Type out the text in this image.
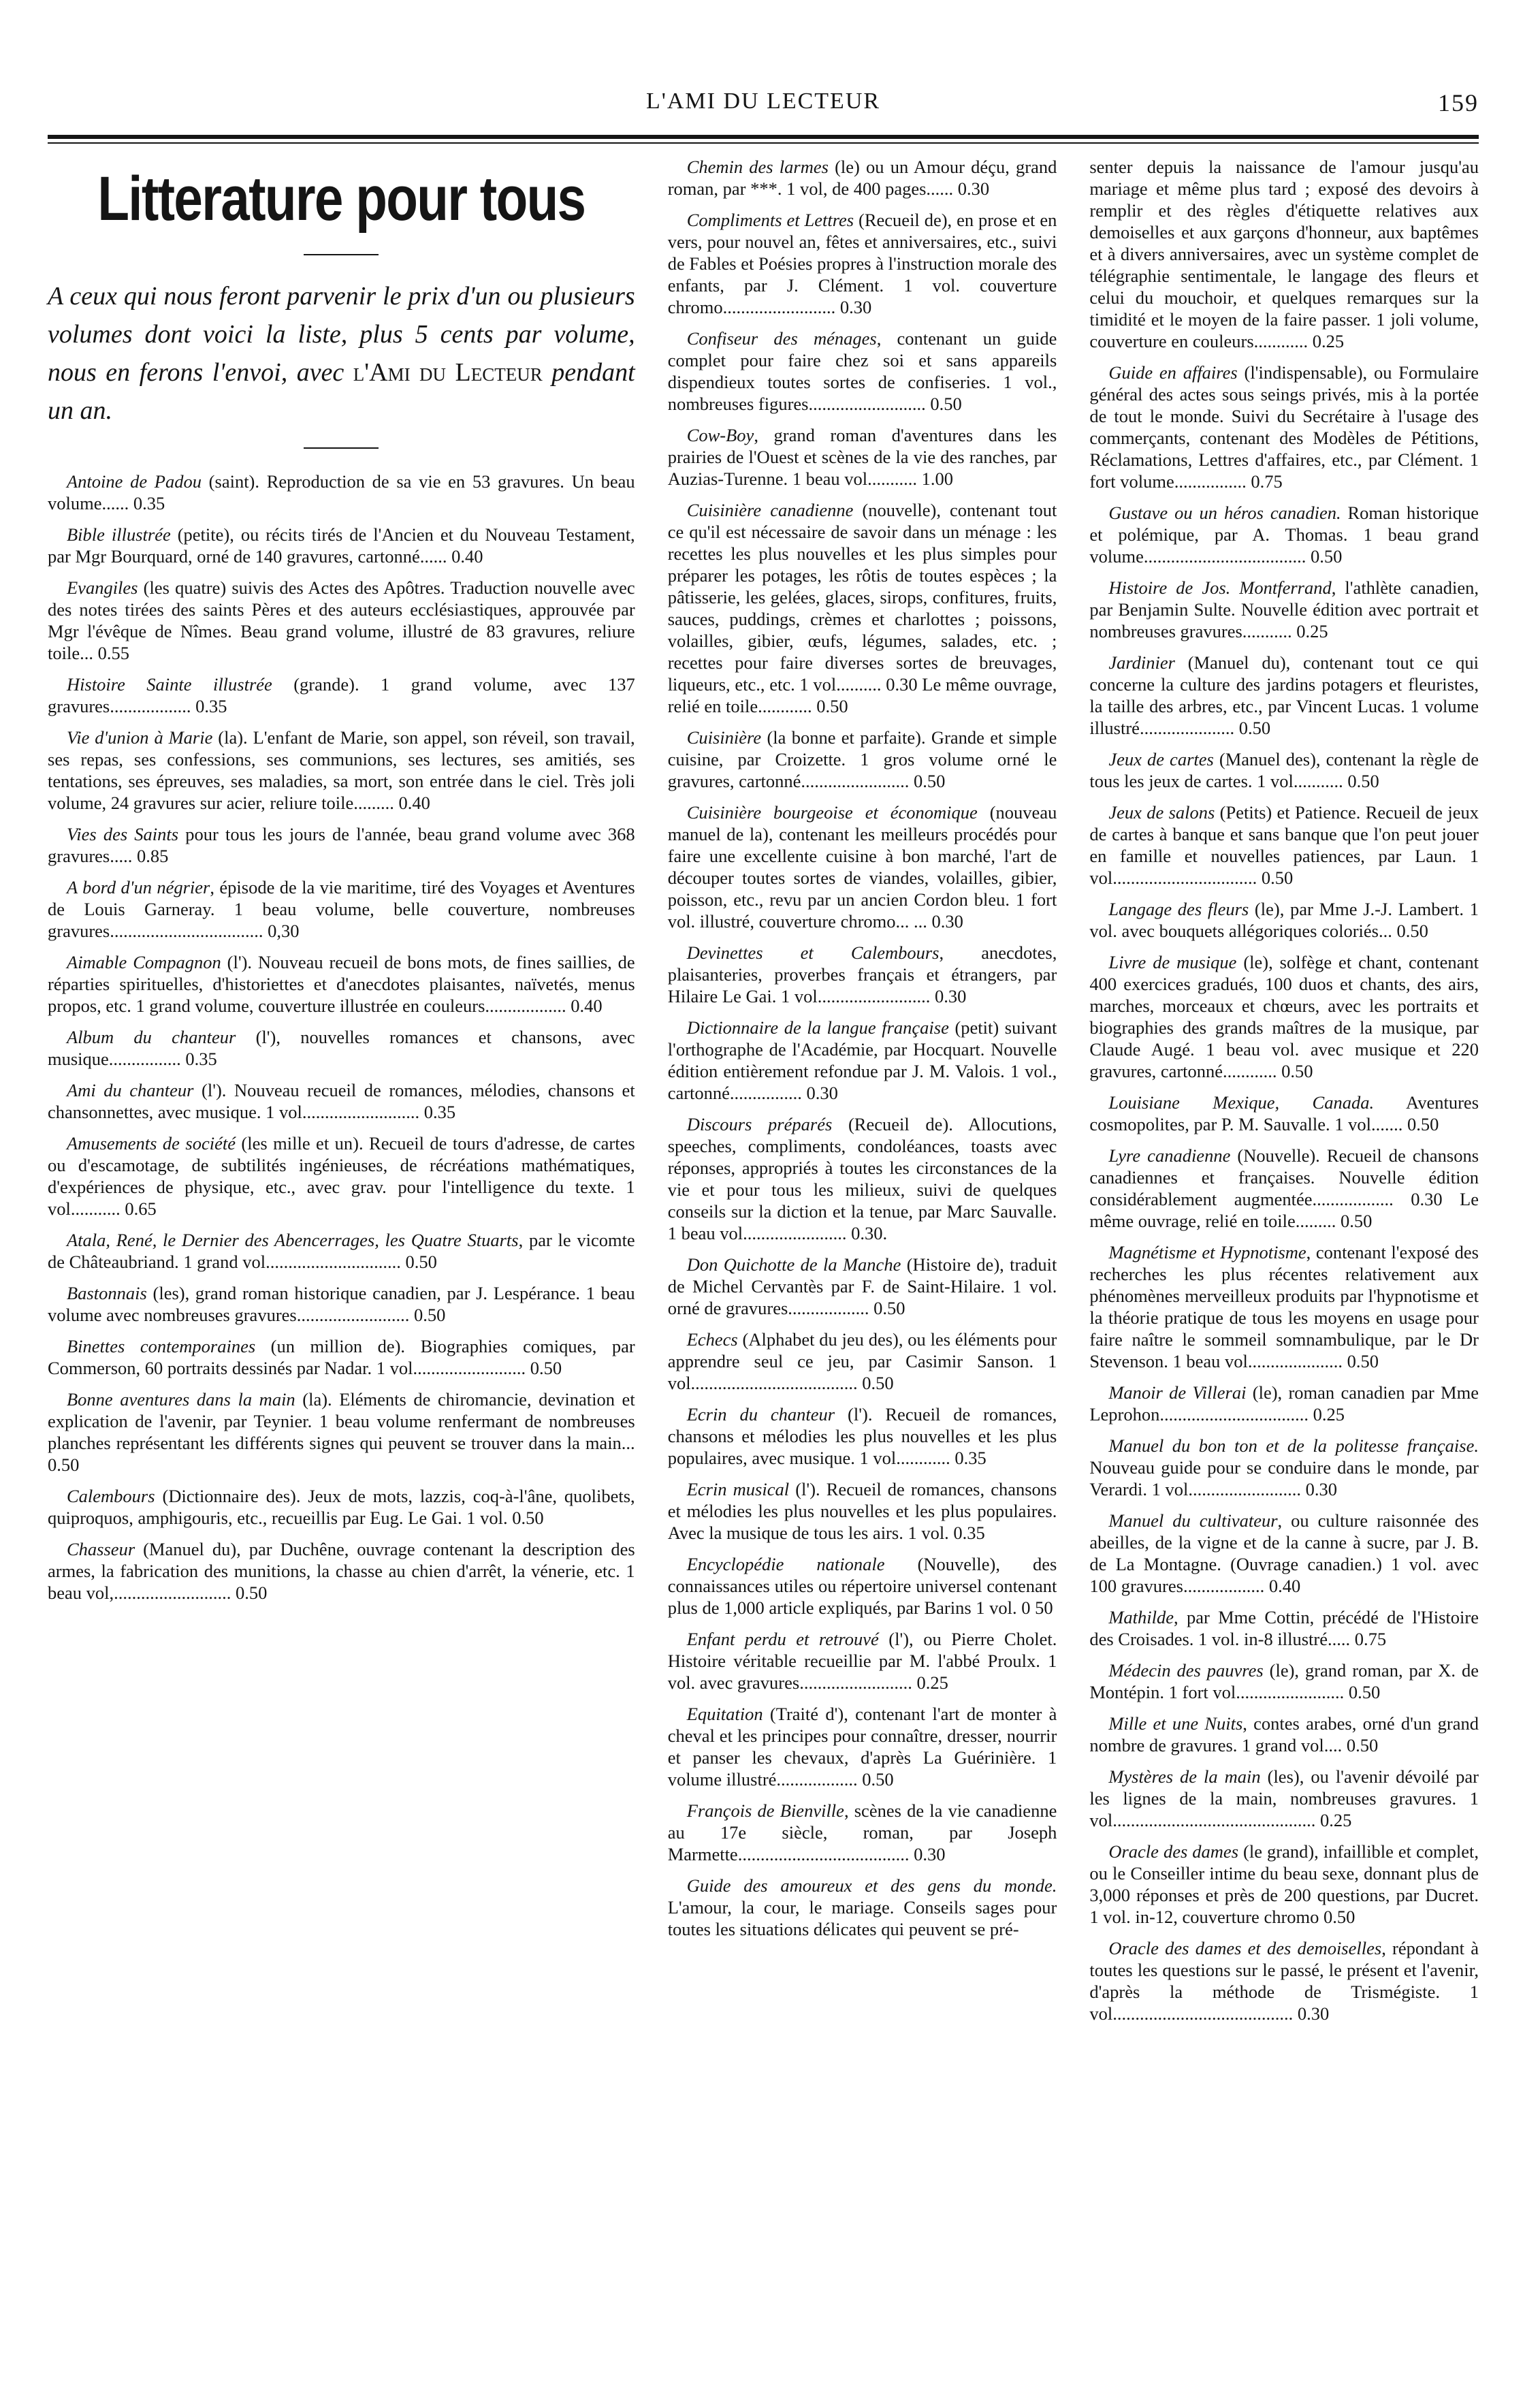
L'AMI DU LECTEUR	159
Litterature pour tous

A ceux qui nous feront parvenir le prix d'un ou plusieurs volumes dont voici la liste, plus 5 cents par volume, nous en ferons l'envoi, avec l'Ami du Lecteur pendant un an.

Antoine de Padou (saint). Reproduction de sa vie en 53 gravures. Un beau volume...... 0.35

Bible illustrée (petite), ou récits tirés de l'Ancien et du Nouveau Testament, par Mgr Bourquard, orné de 140 gravures, cartonné...... 0.40

Evangiles (les quatre) suivis des Actes des Apôtres. Traduction nouvelle avec des notes tirées des saints Pères et des auteurs ecclésiastiques, approuvée par Mgr l'évêque de Nîmes. Beau grand volume, illustré de 83 gravures, reliure toile... 0.55

Histoire Sainte illustrée (grande). 1 grand volume, avec 137 gravures.................. 0.35

Vie d'union à Marie (la). L'enfant de Marie, son appel, son réveil, son travail, ses repas, ses confessions, ses communions, ses lectures, ses amitiés, ses tentations, ses épreuves, ses maladies, sa mort, son entrée dans le ciel. Très joli volume, 24 gravures sur acier, reliure toile......... 0.40

Vies des Saints pour tous les jours de l'année, beau grand volume avec 368 gravures..... 0.85

A bord d'un négrier, épisode de la vie maritime, tiré des Voyages et Aventures de Louis Garneray. 1 beau volume, belle couverture, nombreuses gravures.................................. 0,30

Aimable Compagnon (l'). Nouveau recueil de bons mots, de fines saillies, de réparties spirituelles, d'historiettes et d'anecdotes plaisantes, naïvetés, menus propos, etc. 1 grand volume, couverture illustrée en couleurs.................. 0.40

Album du chanteur (l'), nouvelles romances et chansons, avec musique................ 0.35

Ami du chanteur (l'). Nouveau recueil de romances, mélodies, chansons et chansonnettes, avec musique. 1 vol.......................... 0.35

Amusements de société (les mille et un). Recueil de tours d'adresse, de cartes ou d'escamotage, de subtilités ingénieuses, de récréations mathématiques, d'expériences de physique, etc., avec grav. pour l'intelligence du texte. 1 vol........... 0.65

Atala, René, le Dernier des Abencerrages, les Quatre Stuarts, par le vicomte de Châteaubriand. 1 grand vol.............................. 0.50

Bastonnais (les), grand roman historique canadien, par J. Lespérance. 1 beau volume avec nombreuses gravures......................... 0.50

Binettes contemporaines (un million de). Biographies comiques, par Commerson, 60 portraits dessinés par Nadar. 1 vol......................... 0.50

Bonne aventures dans la main (la). Eléments de chiromancie, devination et explication de l'avenir, par Teynier. 1 beau volume renfermant de nombreuses planches représentant les différents signes qui peuvent se trouver dans la main... 0.50

Calembours (Dictionnaire des). Jeux de mots, lazzis, coq-à-l'âne, quolibets, quiproquos, amphigouris, etc., recueillis par Eug. Le Gai. 1 vol. 0.50

Chasseur (Manuel du), par Duchêne, ouvrage contenant la description des armes, la fabrication des munitions, la chasse au chien d'arrêt, la vénerie, etc. 1 beau vol,.......................... 0.50

Chemin des larmes (le) ou un Amour déçu, grand roman, par ***. 1 vol, de 400 pages...... 0.30

Compliments et Lettres (Recueil de), en prose et en vers, pour nouvel an, fêtes et anniversaires, etc., suivi de Fables et Poésies propres à l'instruction morale des enfants, par J. Clément. 1 vol. couverture chromo......................... 0.30

Confiseur des ménages, contenant un guide complet pour faire chez soi et sans appareils dispendieux toutes sortes de confiseries. 1 vol., nombreuses figures.......................... 0.50

Cow-Boy, grand roman d'aventures dans les prairies de l'Ouest et scènes de la vie des ranches, par Auzias-Turenne. 1 beau vol........... 1.00

Cuisinière canadienne (nouvelle), contenant tout ce qu'il est nécessaire de savoir dans un ménage : les recettes les plus nouvelles et les plus simples pour préparer les potages, les rôtis de toutes espèces ; la pâtisserie, les gelées, glaces, sirops, confitures, fruits, sauces, puddings, crèmes et charlottes ; poissons, volailles, gibier, œufs, légumes, salades, etc. ; recettes pour faire diverses sortes de breuvages, liqueurs, etc., etc. 1 vol.......... 0.30 Le même ouvrage, relié en toile............ 0.50

Cuisinière (la bonne et parfaite). Grande et simple cuisine, par Croizette. 1 gros volume orné le gravures, cartonné........................ 0.50

Cuisinière bourgeoise et économique (nouveau manuel de la), contenant les meilleurs procédés pour faire une excellente cuisine à bon marché, l'art de découper toutes sortes de viandes, volailles, gibier, poisson, etc., revu par un ancien Cordon bleu. 1 fort vol. illustré, couverture chromo... ... 0.30

Devinettes et Calembours, anecdotes, plaisanteries, proverbes français et étrangers, par Hilaire Le Gai. 1 vol......................... 0.30

Dictionnaire de la langue française (petit) suivant l'orthographe de l'Académie, par Hocquart. Nouvelle édition entièrement refondue par J. M. Valois. 1 vol., cartonné................ 0.30

Discours préparés (Recueil de). Allocutions, speeches, compliments, condoléances, toasts avec réponses, appropriés à toutes les circonstances de la vie et pour tous les milieux, suivi de quelques conseils sur la diction et la tenue, par Marc Sauvalle. 1 beau vol....................... 0.30.

Don Quichotte de la Manche (Histoire de), traduit de Michel Cervantès par F. de Saint-Hilaire. 1 vol. orné de gravures.................. 0.50

Echecs (Alphabet du jeu des), ou les éléments pour apprendre seul ce jeu, par Casimir Sanson. 1 vol..................................... 0.50

Ecrin du chanteur (l'). Recueil de romances, chansons et mélodies les plus nouvelles et les plus populaires, avec musique. 1 vol............ 0.35

Ecrin musical (l'). Recueil de romances, chansons et mélodies les plus nouvelles et les plus populaires. Avec la musique de tous les airs. 1 vol. 0.35

Encyclopédie nationale (Nouvelle), des connaissances utiles ou répertoire universel contenant plus de 1,000 article expliqués, par Barins 1 vol. 0 50

Enfant perdu et retrouvé (l'), ou Pierre Cholet. Histoire véritable recueillie par M. l'abbé Proulx. 1 vol. avec gravures......................... 0.25

Equitation (Traité d'), contenant l'art de monter à cheval et les principes pour connaître, dresser, nourrir et panser les chevaux, d'après La Guérinière. 1 volume illustré.................. 0.50

François de Bienville, scènes de la vie canadienne au 17e siècle, roman, par Joseph Marmette...................................... 0.30

Guide des amoureux et des gens du monde. L'amour, la cour, le mariage. Conseils sages pour toutes les situations délicates qui peuvent se pré-

senter depuis la naissance de l'amour jusqu'au mariage et même plus tard ; exposé des devoirs à remplir et des règles d'étiquette relatives aux demoiselles et aux garçons d'honneur, aux baptêmes et à divers anniversaires, avec un système complet de télégraphie sentimentale, le langage des fleurs et celui du mouchoir, et quelques remarques sur la timidité et le moyen de la faire passer. 1 joli volume, couverture en couleurs............ 0.25

Guide en affaires (l'indispensable), ou Formulaire général des actes sous seings privés, mis à la portée de tout le monde. Suivi du Secrétaire à l'usage des commerçants, contenant des Modèles de Pétitions, Réclamations, Lettres d'affaires, etc., par Clément. 1 fort volume................ 0.75

Gustave ou un héros canadien. Roman historique et polémique, par A. Thomas. 1 beau grand volume.................................... 0.50

Histoire de Jos. Montferrand, l'athlète canadien, par Benjamin Sulte. Nouvelle édition avec portrait et nombreuses gravures........... 0.25

Jardinier (Manuel du), contenant tout ce qui concerne la culture des jardins potagers et fleuristes, la taille des arbres, etc., par Vincent Lucas. 1 volume illustré..................... 0.50

Jeux de cartes (Manuel des), contenant la règle de tous les jeux de cartes. 1 vol........... 0.50

Jeux de salons (Petits) et Patience. Recueil de jeux de cartes à banque et sans banque que l'on peut jouer en famille et nouvelles patiences, par Laun. 1 vol................................ 0.50

Langage des fleurs (le), par Mme J.-J. Lambert. 1 vol. avec bouquets allégoriques coloriés... 0.50

Livre de musique (le), solfège et chant, contenant 400 exercices gradués, 100 duos et chants, des airs, marches, morceaux et chœurs, avec les portraits et biographies des grands maîtres de la musique, par Claude Augé. 1 beau vol. avec musique et 220 gravures, cartonné............ 0.50

Louisiane Mexique, Canada. Aventures cosmopolites, par P. M. Sauvalle. 1 vol....... 0.50

Lyre canadienne (Nouvelle). Recueil de chansons canadiennes et françaises. Nouvelle édition considérablement augmentée.................. 0.30 Le même ouvrage, relié en toile......... 0.50

Magnétisme et Hypnotisme, contenant l'exposé des recherches les plus récentes relativement aux phénomènes merveilleux produits par l'hypnotisme et la théorie pratique de tous les moyens en usage pour faire naître le sommeil somnambulique, par le Dr Stevenson. 1 beau vol..................... 0.50

Manoir de Villerai (le), roman canadien par Mme Leprohon................................. 0.25

Manuel du bon ton et de la politesse française. Nouveau guide pour se conduire dans le monde, par Verardi. 1 vol......................... 0.30

Manuel du cultivateur, ou culture raisonnée des abeilles, de la vigne et de la canne à sucre, par J. B. de La Montagne. (Ouvrage canadien.) 1 vol. avec 100 gravures.................. 0.40

Mathilde, par Mme Cottin, précédé de l'Histoire des Croisades. 1 vol. in-8 illustré..... 0.75

Médecin des pauvres (le), grand roman, par X. de Montépin. 1 fort vol........................ 0.50

Mille et une Nuits, contes arabes, orné d'un grand nombre de gravures. 1 grand vol.... 0.50

Mystères de la main (les), ou l'avenir dévoilé par les lignes de la main, nombreuses gravures. 1 vol............................................. 0.25

Oracle des dames (le grand), infaillible et complet, ou le Conseiller intime du beau sexe, donnant plus de 3,000 réponses et près de 200 questions, par Ducret. 1 vol. in-12, couverture chromo 0.50

Oracle des dames et des demoiselles, répondant à toutes les questions sur le passé, le présent et l'avenir, d'après la méthode de Trismégiste. 1 vol........................................ 0.30
